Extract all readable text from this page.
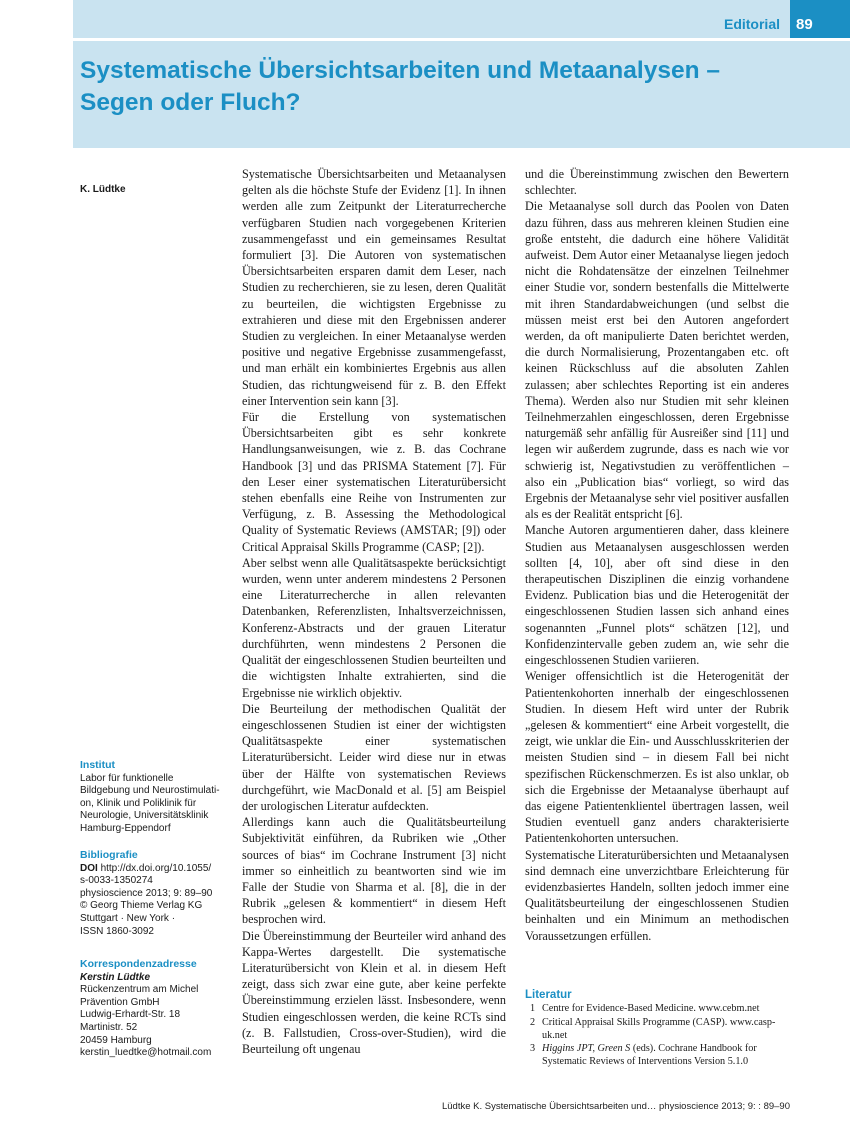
Editorial	89
Systematische Übersichtsarbeiten und Metaanalysen –
Segen oder Fluch?
K. Lüdtke
Institut
Labor für funktionelle
Bildgebung und Neurostimulati-
on, Klinik und Poliklinik für
Neurologie, Universitätsklinik
Hamburg-Eppendorf
Bibliografie
DOI http://dx.doi.org/10.1055/
s-0033-1350274
physioscience 2013; 9: 89–90
© Georg Thieme Verlag KG
Stuttgart · New York ·
ISSN 1860-3092
Korrespondenzadresse
Kerstin Lüdtke
Rückenzentrum am Michel
Prävention GmbH
Ludwig-Erhardt-Str. 18
Martinistr. 52
20459 Hamburg
kerstin_luedtke@hotmail.com

Systematische Übersichtsarbeiten und Metaanalysen gelten als die höchste Stufe der Evidenz [1]. In ihnen werden alle zum Zeitpunkt der Literaturrecherche verfügbaren Studien nach vorgegebenen Kriterien zusammengefasst und ein gemeinsames Resultat formuliert [3]. Die Autoren von systematischen Übersichtsarbeiten ersparen damit dem Leser, nach Studien zu recherchieren, sie zu lesen, deren Qualität zu beurteilen, die wichtigsten Ergebnisse zu extrahieren und diese mit den Ergebnissen anderer Studien zu vergleichen. In einer Metaanalyse werden positive und negative Ergebnisse zusammengefasst, und man erhält ein kombiniertes Ergebnis aus allen Studien, das richtungweisend für z. B. den Effekt einer Intervention sein kann [3].

Für die Erstellung von systematischen Übersichtsarbeiten gibt es sehr konkrete Handlungsanweisungen, wie z. B. das Cochrane Handbook [3] und das PRISMA Statement [7]. Für den Leser einer systematischen Literaturübersicht stehen ebenfalls eine Reihe von Instrumenten zur Verfügung, z. B. Assessing the Methodological Quality of Systematic Reviews (AMSTAR; [9]) oder Critical Appraisal Skills Programme (CASP; [2]).

Aber selbst wenn alle Qualitätsaspekte berücksichtigt wurden, wenn unter anderem mindestens 2 Personen eine Literaturrecherche in allen relevanten Datenbanken, Referenzlisten, Inhaltsverzeichnissen, Konferenz-Abstracts und der grauen Literatur durchführten, wenn mindestens 2 Personen die Qualität der eingeschlossenen Studien beurteilten und die wichtigsten Inhalte extrahierten, sind die Ergebnisse nie wirklich objektiv.

Die Beurteilung der methodischen Qualität der eingeschlossenen Studien ist einer der wichtigsten Qualitätsaspekte einer systematischen Literaturübersicht. Leider wird diese nur in etwas über der Hälfte von systematischen Reviews durchgeführt, wie MacDonald et al. [5] am Beispiel der urologischen Literatur aufdeckten.

Allerdings kann auch die Qualitätsbeurteilung Subjektivität einführen, da Rubriken wie „Other sources of bias“ im Cochrane Instrument [3] nicht immer so einheitlich zu beantworten sind wie im Falle der Studie von Sharma et al. [8], die in der Rubrik „gelesen & kommentiert“ in diesem Heft besprochen wird.

Die Übereinstimmung der Beurteiler wird anhand des Kappa-Wertes dargestellt. Die systematische Literaturübersicht von Klein et al. in diesem Heft zeigt, dass sich zwar eine gute, aber keine perfekte Übereinstimmung erzielen lässt. Insbesondere, wenn Studien eingeschlossen werden, die keine RCTs sind (z. B. Fallstudien, Cross-over-Studien), wird die Beurteilung oft ungenau

und die Übereinstimmung zwischen den Bewertern schlechter.

Die Metaanalyse soll durch das Poolen von Daten dazu führen, dass aus mehreren kleinen Studien eine große entsteht, die dadurch eine höhere Validität aufweist. Dem Autor einer Metaanalyse liegen jedoch nicht die Rohdatensätze der einzelnen Teilnehmer einer Studie vor, sondern bestenfalls die Mittelwerte mit ihren Standardabweichungen (und selbst die müssen meist erst bei den Autoren angefordert werden, da oft manipulierte Daten berichtet werden, die durch Normalisierung, Prozentangaben etc. oft keinen Rückschluss auf die absoluten Zahlen zulassen; aber schlechtes Reporting ist ein anderes Thema). Werden also nur Studien mit sehr kleinen Teilnehmerzahlen eingeschlossen, deren Ergebnisse naturgemäß sehr anfällig für Ausreißer sind [11] und legen wir außerdem zugrunde, dass es nach wie vor schwierig ist, Negativstudien zu veröffentlichen – also ein „Publication bias“ vorliegt, so wird das Ergebnis der Metaanalyse sehr viel positiver ausfallen als es der Realität entspricht [6].

Manche Autoren argumentieren daher, dass kleinere Studien aus Metaanalysen ausgeschlossen werden sollten [4, 10], aber oft sind diese in den therapeutischen Disziplinen die einzig vorhandene Evidenz. Publication bias und die Heterogenität der eingeschlossenen Studien lassen sich anhand eines sogenannten „Funnel plots“ schätzen [12], und Konfidenzintervalle geben zudem an, wie sehr die eingeschlossenen Studien variieren.

Weniger offensichtlich ist die Heterogenität der Patientenkohorten innerhalb der eingeschlossenen Studien. In diesem Heft wird unter der Rubrik „gelesen & kommentiert“ eine Arbeit vorgestellt, die zeigt, wie unklar die Ein- und Ausschlusskriterien der meisten Studien sind – in diesem Fall bei nicht spezifischen Rückenschmerzen. Es ist also unklar, ob sich die Ergebnisse der Metaanalyse überhaupt auf das eigene Patientenklientel übertragen lassen, weil Studien eventuell ganz anders charakterisierte Patientenkohorten untersuchen.

Systematische Literaturübersichten und Metaanalysen sind demnach eine unverzichtbare Erleichterung für evidenzbasiertes Handeln, sollten jedoch immer eine Qualitätsbeurteilung der eingeschlossenen Studien beinhalten und ein Minimum an methodischen Voraussetzungen erfüllen.

Literatur
1 Centre for Evidence-Based Medicine. www.cebm.net
2 Critical Appraisal Skills Programme (CASP). www.casp-uk.net
3 Higgins JPT, Green S (eds). Cochrane Handbook for Systematic Reviews of Interventions Version 5.1.0
Lüdtke K. Systematische Übersichtsarbeiten und… physioscience 2013; 9: : 89–90
